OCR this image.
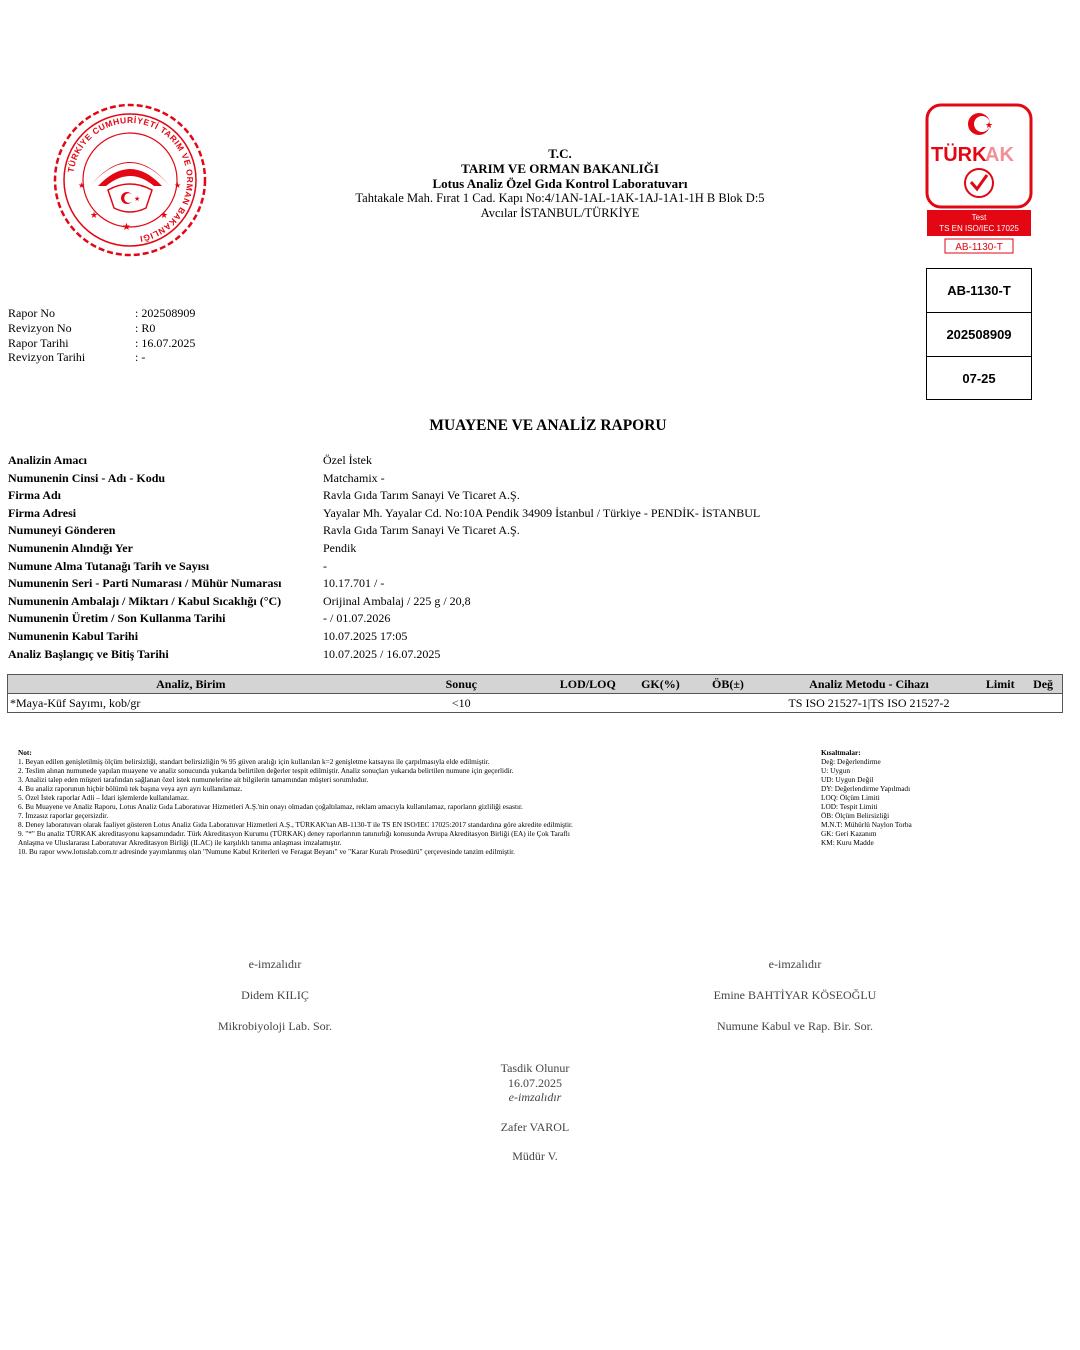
TÜRKİYE CUMHURİYETİ TARIM VE ORMAN BAKANLIĞI
★
★
★	★
★	★
T.C.
TARIM VE ORMAN BAKANLIĞI
Lotus Analiz Özel Gıda Kontrol Laboratuvarı
Tahtakale Mah. Fırat 1 Cad. Kapı No:4/1AN-1AL-1AK-1AJ-1A1-1H B Blok D:5
Avcılar İSTANBUL/TÜRKİYE
★
TÜRK
AK
Test
TS EN ISO/IEC 17025
AB-1130-T
AB-1130-T
202508909
07-25
Rapor No	: 202508909
Revizyon No	: R0
Rapor Tarihi	: 16.07.2025
Revizyon Tarihi	: -
MUAYENE VE ANALİZ RAPORU
Analizin Amacı	Özel İstek
Numunenin Cinsi - Adı - Kodu	Matchamix -
Firma Adı	Ravla Gıda Tarım Sanayi Ve Ticaret A.Ş.
Firma Adresi	Yayalar Mh. Yayalar Cd. No:10A Pendik 34909 İstanbul / Türkiye - PENDİK- İSTANBUL
Numuneyi Gönderen	Ravla Gıda Tarım Sanayi Ve Ticaret A.Ş.
Numunenin Alındığı Yer	Pendik
Numune Alma Tutanağı Tarih ve Sayısı	-
Numunenin Seri - Parti Numarası / Mühür Numarası	10.17.701 / -
Numunenin Ambalajı / Miktarı / Kabul Sıcaklığı (°C)	Orijinal Ambalaj / 225 g / 20,8
Numunenin Üretim / Son Kullanma Tarihi	- / 01.07.2026
Numunenin Kabul Tarihi	10.07.2025 17:05
Analiz Başlangıç ve Bitiş Tarihi	10.07.2025 / 16.07.2025
Analiz, Birim	Sonuç	LOD/LOQ	GK(%)	ÖB(±)	Analiz Metodu - Cihazı	Limit	Değ
*Maya-Küf Sayımı, kob/gr	<10				TS ISO 21527-1|TS ISO 21527-2		
Not:
1. Beyan edilen genişletilmiş ölçüm belirsizliği, standart belirsizliğin % 95 güven aralığı için kullanılan k=2 genişletme katsayısı ile çarpılmasıyla elde edilmiştir.
2. Teslim alınan numunede yapılan muayene ve analiz sonucunda yukarıda belirtilen değerler tespit edilmiştir. Analiz sonuçları yukarıda belirtilen numune için geçerlidir.
3. Analizi talep eden müşteri tarafından sağlanan özel istek numunelerine ait bilgilerin tamamından müşteri sorumludur.
4. Bu analiz raporunun hiçbir bölümü tek başına veya ayrı ayrı kullanılamaz.
5. Özel İstek raporlar Adli – İdari işlemlerde kullanılamaz.
6. Bu Muayene ve Analiz Raporu, Lotus Analiz Gıda Laboratuvar Hizmetleri A.Ş.'nin onayı olmadan çoğaltılamaz, reklam amacıyla kullanılamaz, raporların gizliliği esastır.
7. İmzasız raporlar geçersizdir.
8. Deney laboratuvarı olarak faaliyet gösteren Lotus Analiz Gıda Laboratuvar Hizmetleri A.Ş., TÜRKAK'tan AB-1130-T ile TS EN ISO/IEC 17025:2017 standardına göre akredite edilmiştir.
9. "*" Bu analiz TÜRKAK akreditasyonu kapsamındadır. Türk Akreditasyon Kurumu (TÜRKAK) deney raporlarının tanınırlığı konusunda Avrupa Akreditasyon Birliği (EA) ile Çok Taraflı
Anlaşma ve Uluslararası Laboratuvar Akreditasyon Birliği (ILAC) ile karşılıklı tanıma anlaşması imzalamıştır.
10. Bu rapor www.lotuslab.com.tr adresinde yayımlanmış olan "Numune Kabul Kriterleri ve Feragat Beyanı" ve "Karar Kuralı Prosedürü" çerçevesinde tanzim edilmiştir.
Kısaltmalar:
Değ: Değerlendirme
U: Uygun
UD: Uygun Değil
DY: Değerlendirme Yapılmadı
LOQ: Ölçüm Limiti
LOD: Tespit Limiti
ÖB: Ölçüm Belirsizliği
M.N.T: Mühürlü Naylon Torba
GK: Geri Kazanım
KM: Kuru Madde
e-imzalıdır
Didem KILIÇ
Mikrobiyoloji Lab. Sor.
e-imzalıdır
Emine BAHTİYAR KÖSEOĞLU
Numune Kabul ve Rap. Bir. Sor.
Tasdik Olunur
16.07.2025
e-imzalıdır
Zafer VAROL
Müdür V.
